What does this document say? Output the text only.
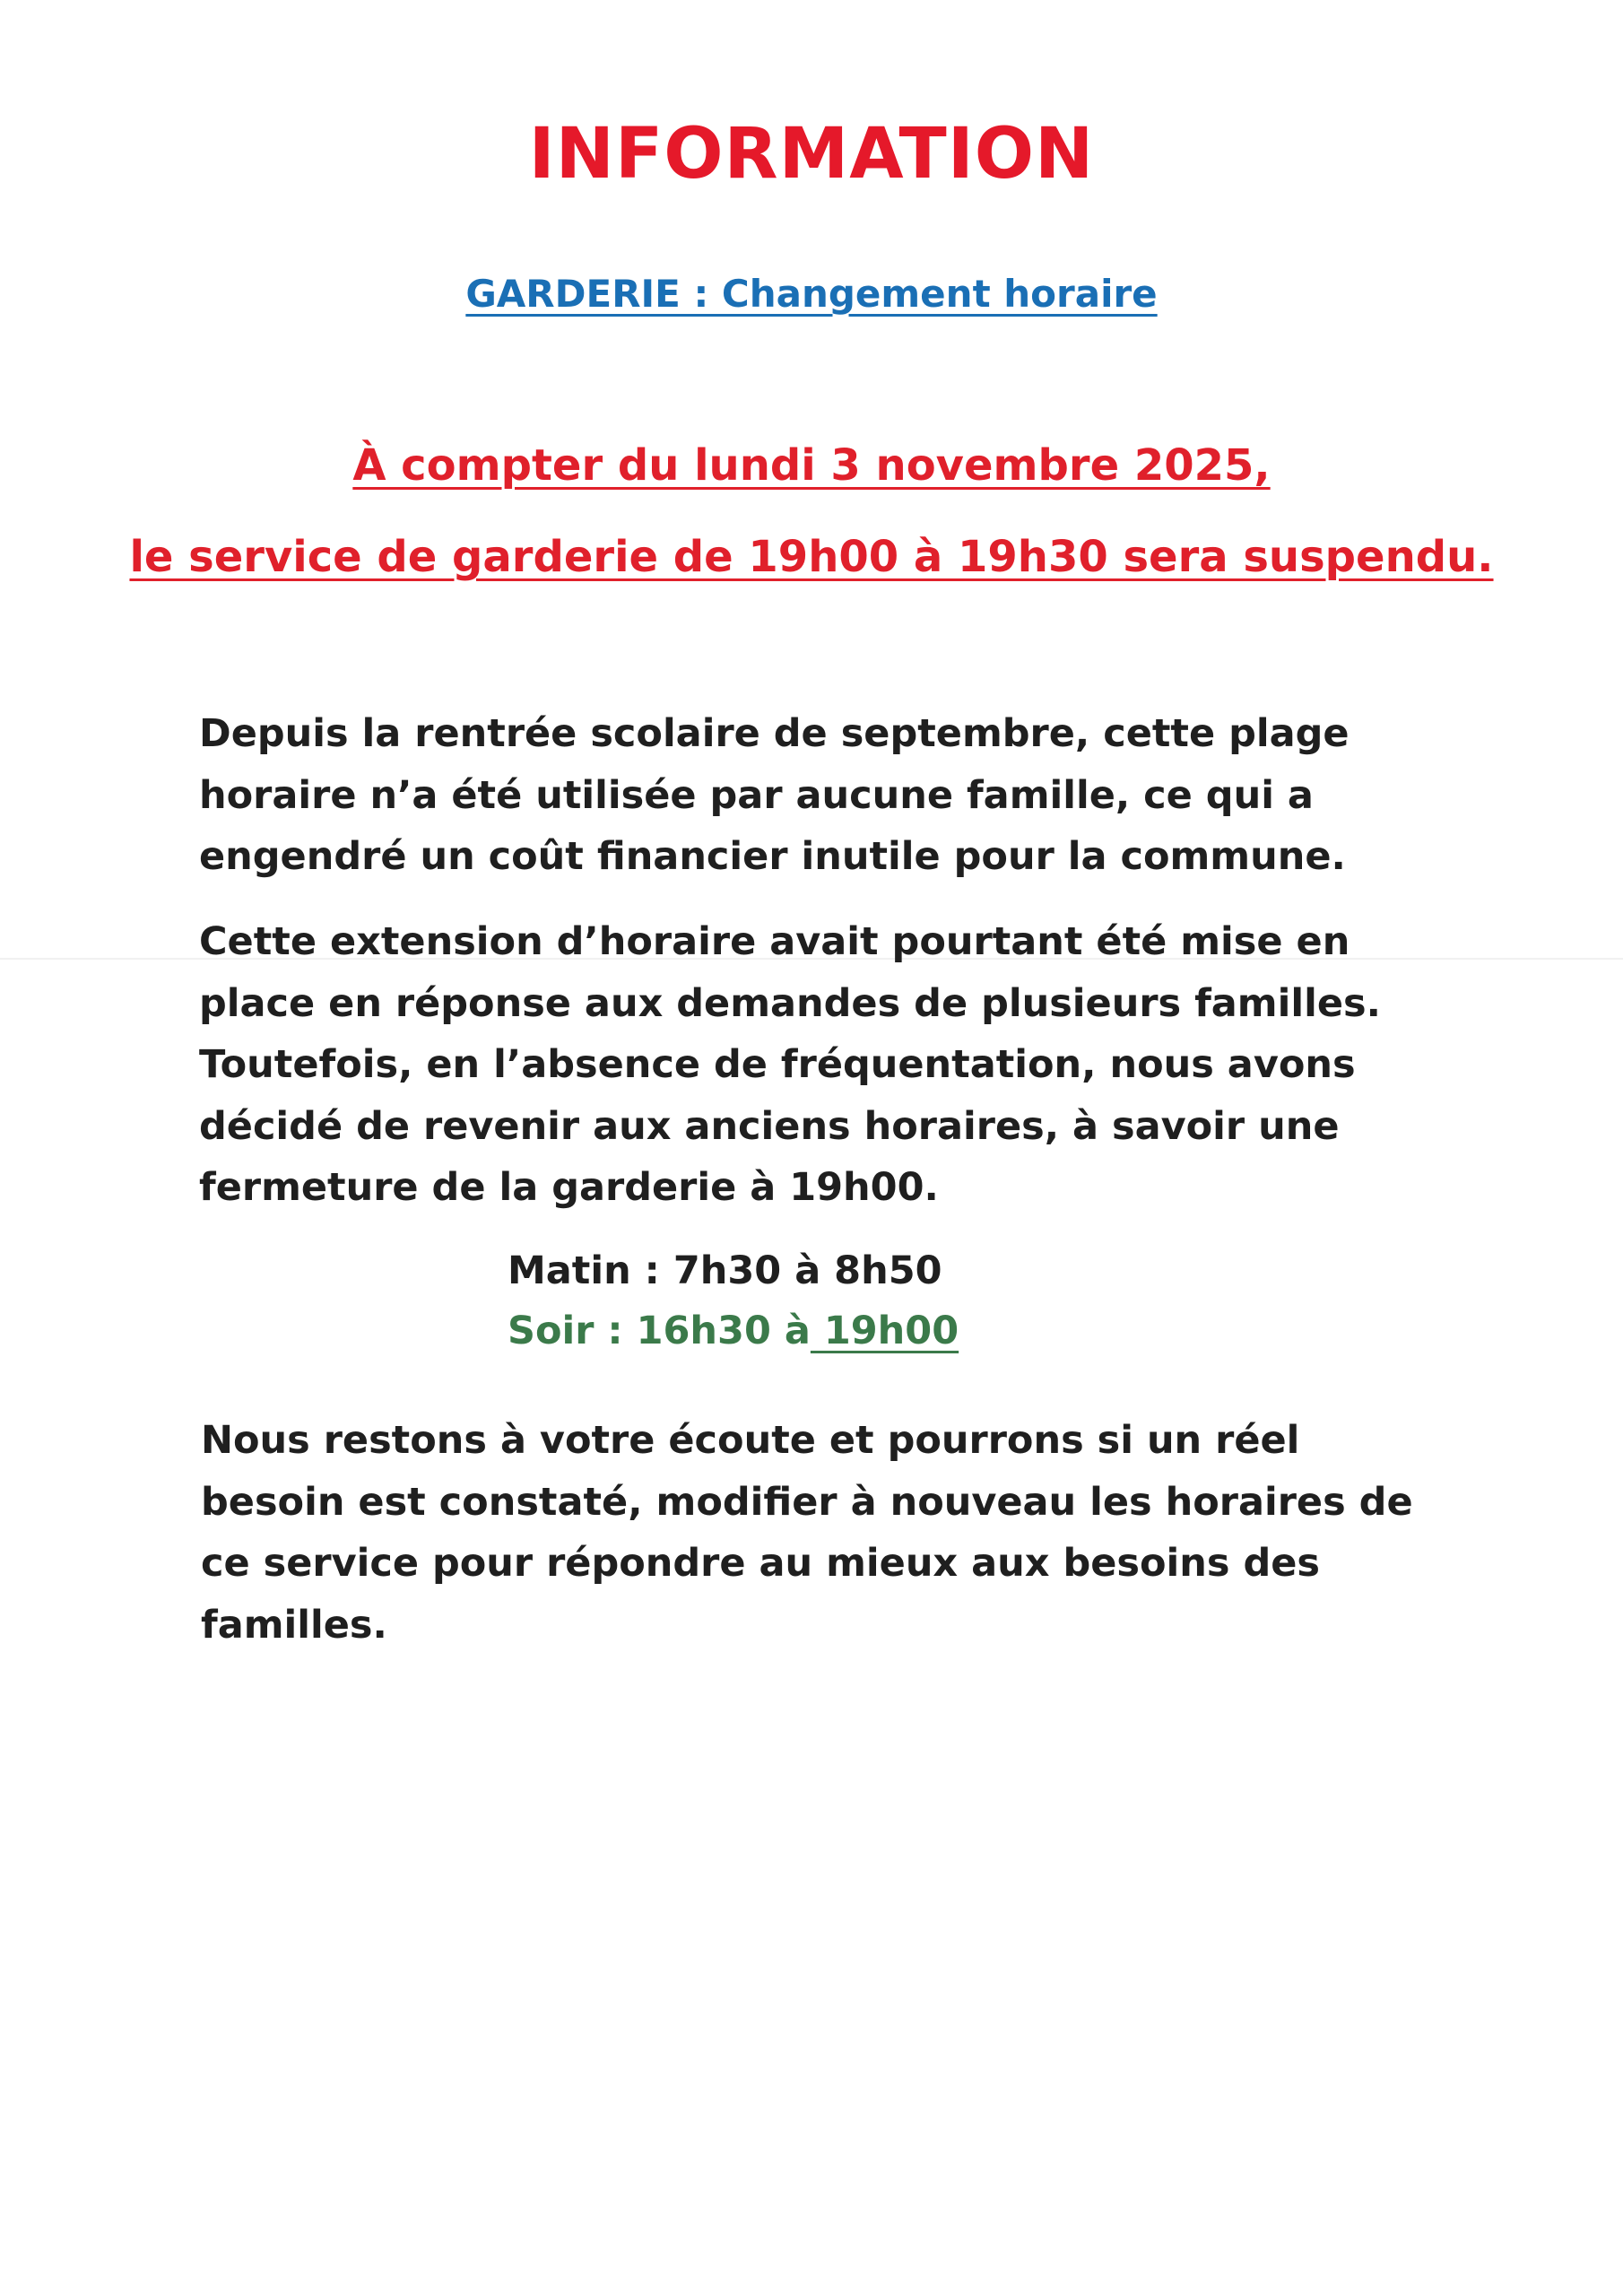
INFORMATION
GARDERIE : Changement horaire
À compter du lundi 3 novembre 2025,
le service de garderie de 19h00 à 19h30 sera suspendu.

Depuis la rentrée scolaire de septembre, cette plage horaire n’a été utilisée par aucune famille, ce qui a engendré un coût financier inutile pour la commune.

Cette extension d’horaire avait pourtant été mise en place en réponse aux demandes de plusieurs familles. Toutefois, en l’absence de fréquentation, nous avons décidé de revenir aux anciens horaires, à savoir une fermeture de la garderie à 19h00.

Matin : 7h30 à 8h50
Soir : 16h30 à 19h00

Nous restons à votre écoute et pourrons si un réel besoin est constaté, modifier à nouveau les horaires de ce service pour répondre au mieux aux besoins des familles.
